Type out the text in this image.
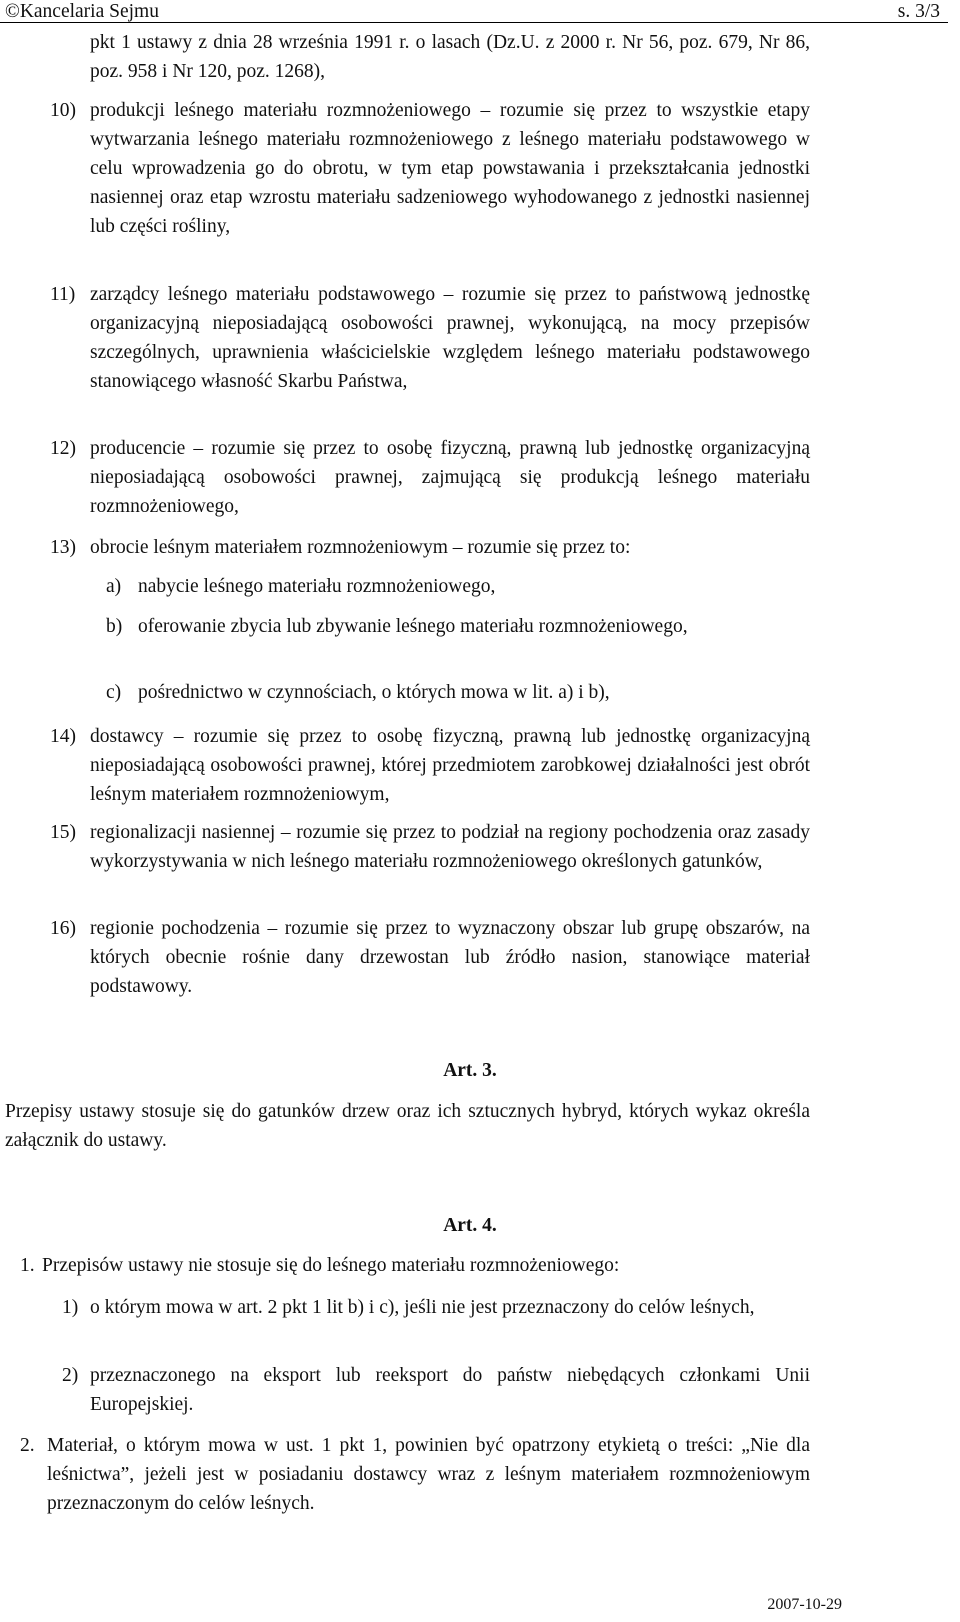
©Kancelaria Sejmu	s. 3/3
pkt 1 ustawy z dnia 28 września 1991 r. o lasach (Dz.U. z 2000 r. Nr 56, poz. 679, Nr 86, poz. 958 i Nr 120, poz. 1268),
10) produkcji leśnego materiału rozmnożeniowego – rozumie się przez to wszystkie etapy wytwarzania leśnego materiału rozmnożeniowego z leśnego materiału podstawowego w celu wprowadzenia go do obrotu, w tym etap powstawania i przekształcania jednostki nasiennej oraz etap wzrostu materiału sadzeniowego wyhodowanego z jednostki nasiennej lub części rośliny,
11) zarządcy leśnego materiału podstawowego – rozumie się przez to państwową jednostkę organizacyjną nieposiadającą osobowości prawnej, wykonującą, na mocy przepisów szczególnych, uprawnienia właścicielskie względem leśnego materiału podstawowego stanowiącego własność Skarbu Państwa,
12) producencie – rozumie się przez to osobę fizyczną, prawną lub jednostkę organizacyjną nieposiadającą osobowości prawnej, zajmującą się produkcją leśnego materiału rozmnożeniowego,
13) obrocie leśnym materiałem rozmnożeniowym – rozumie się przez to:
a) nabycie leśnego materiału rozmnożeniowego,
b) oferowanie zbycia lub zbywanie leśnego materiału rozmnożeniowego,
c) pośrednictwo w czynnościach, o których mowa w lit. a) i b),
14) dostawcy – rozumie się przez to osobę fizyczną, prawną lub jednostkę organizacyjną nieposiadającą osobowości prawnej, której przedmiotem zarobkowej działalności jest obrót leśnym materiałem rozmnożeniowym,
15) regionalizacji nasiennej – rozumie się przez to podział na regiony pochodzenia oraz zasady wykorzystywania w nich leśnego materiału rozmnożeniowego określonych gatunków,
16) regionie pochodzenia – rozumie się przez to wyznaczony obszar lub grupę obszarów, na których obecnie rośnie dany drzewostan lub źródło nasion, stanowiące materiał podstawowy.
Art. 3.
Przepisy ustawy stosuje się do gatunków drzew oraz ich sztucznych hybryd, których wykaz określa załącznik do ustawy.
Art. 4.
1. Przepisów ustawy nie stosuje się do leśnego materiału rozmnożeniowego:
1) o którym mowa w art. 2 pkt 1 lit b) i c), jeśli nie jest przeznaczony do celów leśnych,
2) przeznaczonego na eksport lub reeksport do państw niebędących członkami Unii Europejskiej.
2. Materiał, o którym mowa w ust. 1 pkt 1, powinien być opatrzony etykietą o treści: „Nie dla leśnictwa”, jeżeli jest w posiadaniu dostawcy wraz z leśnym materiałem rozmnożeniowym przeznaczonym do celów leśnych.
2007-10-29
